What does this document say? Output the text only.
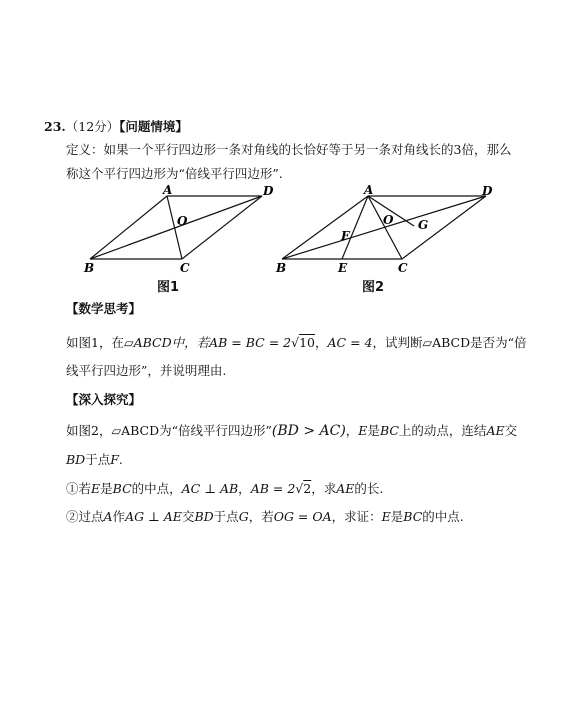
23.（12分）【问题情境】
定义：如果一个平行四边形一条对角线的长恰好等于另一条对角线长的3倍，那么
称这个平行四边形为“倍线平行四边形”.
A	D
O
B	C
图1
A	D
O G
F
B	E	C
图2
【数学思考】
如图1，在▱ABCD中，若AB = BC = 2√10，AC = 4，试判断▱ABCD是否为“倍
线平行四边形”，并说明理由.
【深入探究】
如图2，▱ABCD为“倍线平行四边形”(BD > AC)，E是BC上的动点，连结AE交
BD于点F.
①若E是BC的中点，AC ⊥ AB，AB = 2√2，求AE的长.
②过点A作AG ⊥ AE交BD于点G，若OG = OA，求证：E是BC的中点.
